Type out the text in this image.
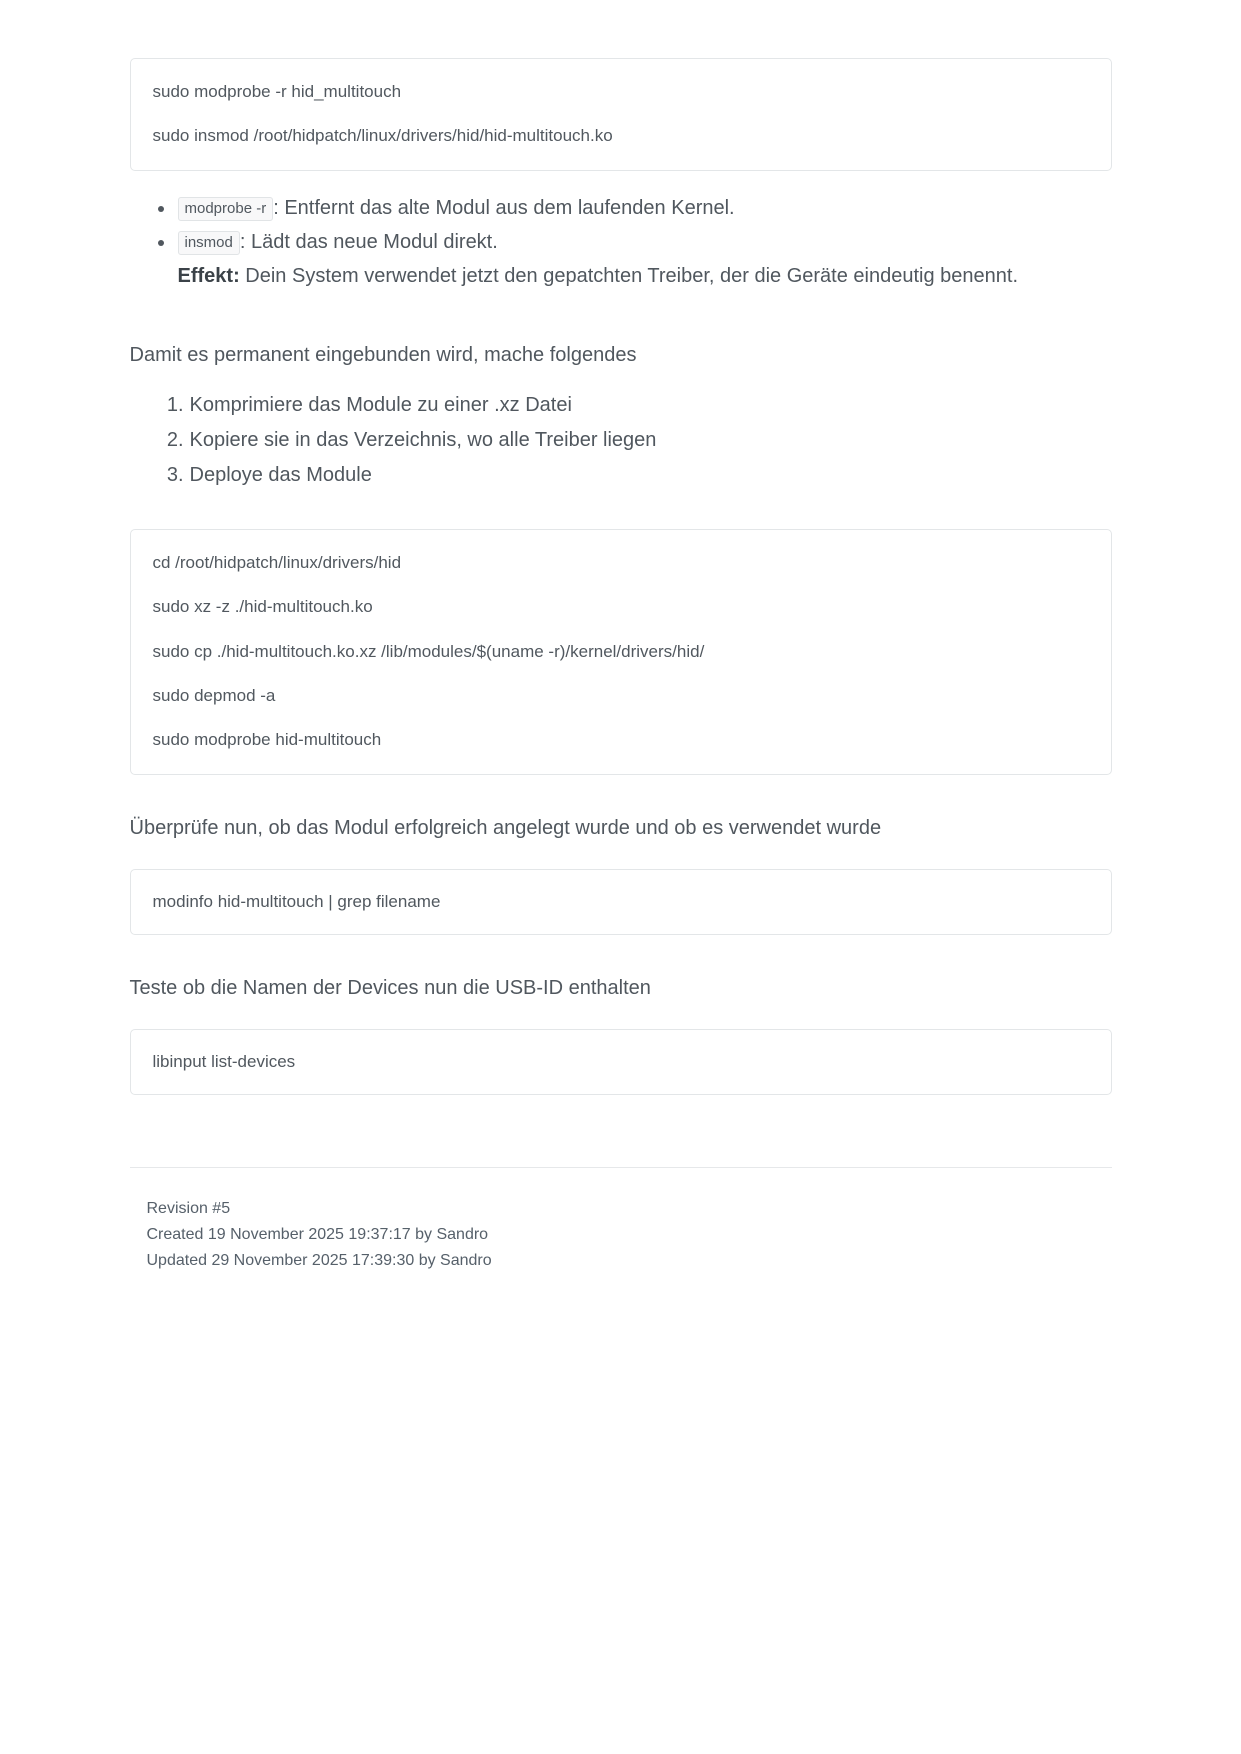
sudo modprobe -r hid_multitouch
sudo insmod /root/hidpatch/linux/drivers/hid/hid-multitouch.ko
modprobe -r : Entfernt das alte Modul aus dem laufenden Kernel.
insmod : Lädt das neue Modul direkt.
Effekt: Dein System verwendet jetzt den gepatchten Treiber, der die Geräte eindeutig benennt.

Damit es permanent eingebunden wird, mache folgendes

Komprimiere das Module zu einer .xz Datei
Kopiere sie in das Verzeichnis, wo alle Treiber liegen
Deploye das Module
cd /root/hidpatch/linux/drivers/hid
sudo xz -z ./hid-multitouch.ko
sudo cp ./hid-multitouch.ko.xz /lib/modules/$(uname -r)/kernel/drivers/hid/
sudo depmod -a
sudo modprobe hid-multitouch

Überprüfe nun, ob das Modul erfolgreich angelegt wurde und ob es verwendet wurde

modinfo hid-multitouch | grep filename

Teste ob die Namen der Devices nun die USB-ID enthalten

libinput list-devices
Revision #5
Created 19 November 2025 19:37:17 by Sandro
Updated 29 November 2025 17:39:30 by Sandro
